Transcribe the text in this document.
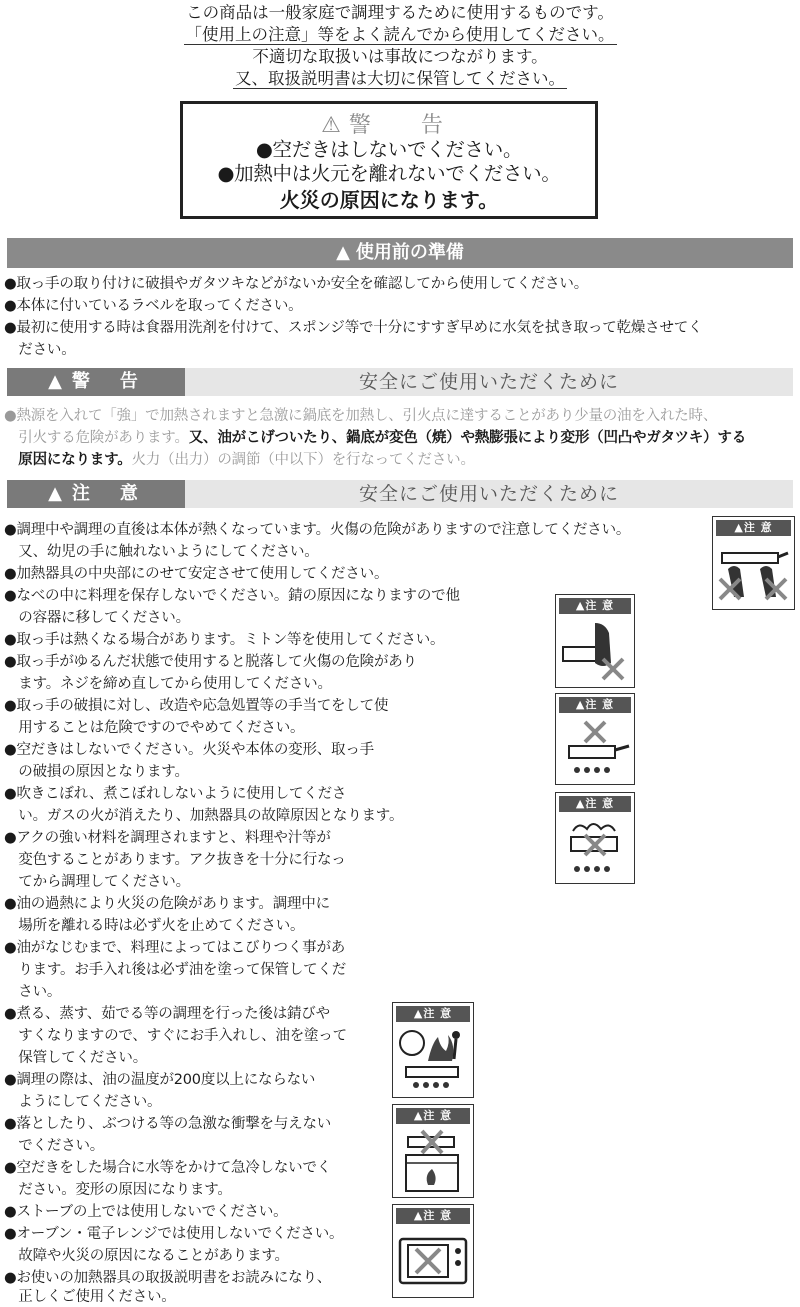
この商品は一般家庭で調理するために使用するものです。
「使用上の注意」等をよく読んでから使用してください。
不適切な取扱いは事故につながります。
又、取扱説明書は大切に保管してください。
⚠ 警　告
●空だきはしないでください。
●加熱中は火元を離れないでください。
火災の原因になります。
▲ 使用前の準備
●取っ手の取り付けに破損やガタツキなどがないか安全を確認してから使用してください。
●本体に付いているラベルを取ってください。
●最初に使用する時は食器用洗剤を付けて、スポンジ等で十分にすすぎ早めに水気を拭き取って乾燥させてく
　ださい。
▲ 警　告	安全にご使用いただくために
●熱源を入れて「強」で加熱されますと急激に鍋底を加熱し、引火点に達することがあり少量の油を入れた時、
　引火する危険があります。又、油がこげついたり、鍋底が変色（焼）や熱膨張により変形（凹凸やガタツキ）する
　原因になります。火力（出力）の調節（中以下）を行なってください。
▲ 注　意	安全にご使用いただくために
●調理中や調理の直後は本体が熱くなっています。火傷の危険がありますので注意してください。
　又、幼児の手に触れないようにしてください。
●加熱器具の中央部にのせて安定させて使用してください。
●なべの中に料理を保存しないでください。錆の原因になりますので他
　の容器に移してください。
●取っ手は熱くなる場合があります。ミトン等を使用してください。
●取っ手がゆるんだ状態で使用すると脱落して火傷の危険があり
　ます。ネジを締め直してから使用してください。
●取っ手の破損に対し、改造や応急処置等の手当てをして使
　用することは危険ですのでやめてください。
●空だきはしないでください。火災や本体の変形、取っ手
　の破損の原因となります。
●吹きこぼれ、煮こぼれしないように使用してくださ
　い。ガスの火が消えたり、加熱器具の故障原因となります。
●アクの強い材料を調理されますと、料理や汁等が
　変色することがあります。アク抜きを十分に行なっ
　てから調理してください。
●油の過熱により火災の危険があります。調理中に
　場所を離れる時は必ず火を止めてください。
●油がなじむまで、料理によってはこびりつく事があ
　ります。お手入れ後は必ず油を塗って保管してくだ
　さい。
●煮る、蒸す、茹でる等の調理を行った後は錆びや
　すくなりますので、すぐにお手入れし、油を塗って
　保管してください。
●調理の際は、油の温度が200度以上にならない
　ようにしてください。
●落としたり、ぶつける等の急激な衝撃を与えない
　でください。
●空だきをした場合に水等をかけて急冷しないでく
　ださい。変形の原因になります。
●ストーブの上では使用しないでください。
●オーブン・電子レンジでは使用しないでください。
　故障や火災の原因になることがあります。
●お使いの加熱器具の取扱説明書をお読みになり、
　正しくご使用ください。
▲注 意
▲注 意
▲注 意
▲注 意
▲注 意
▲注 意
▲注 意
